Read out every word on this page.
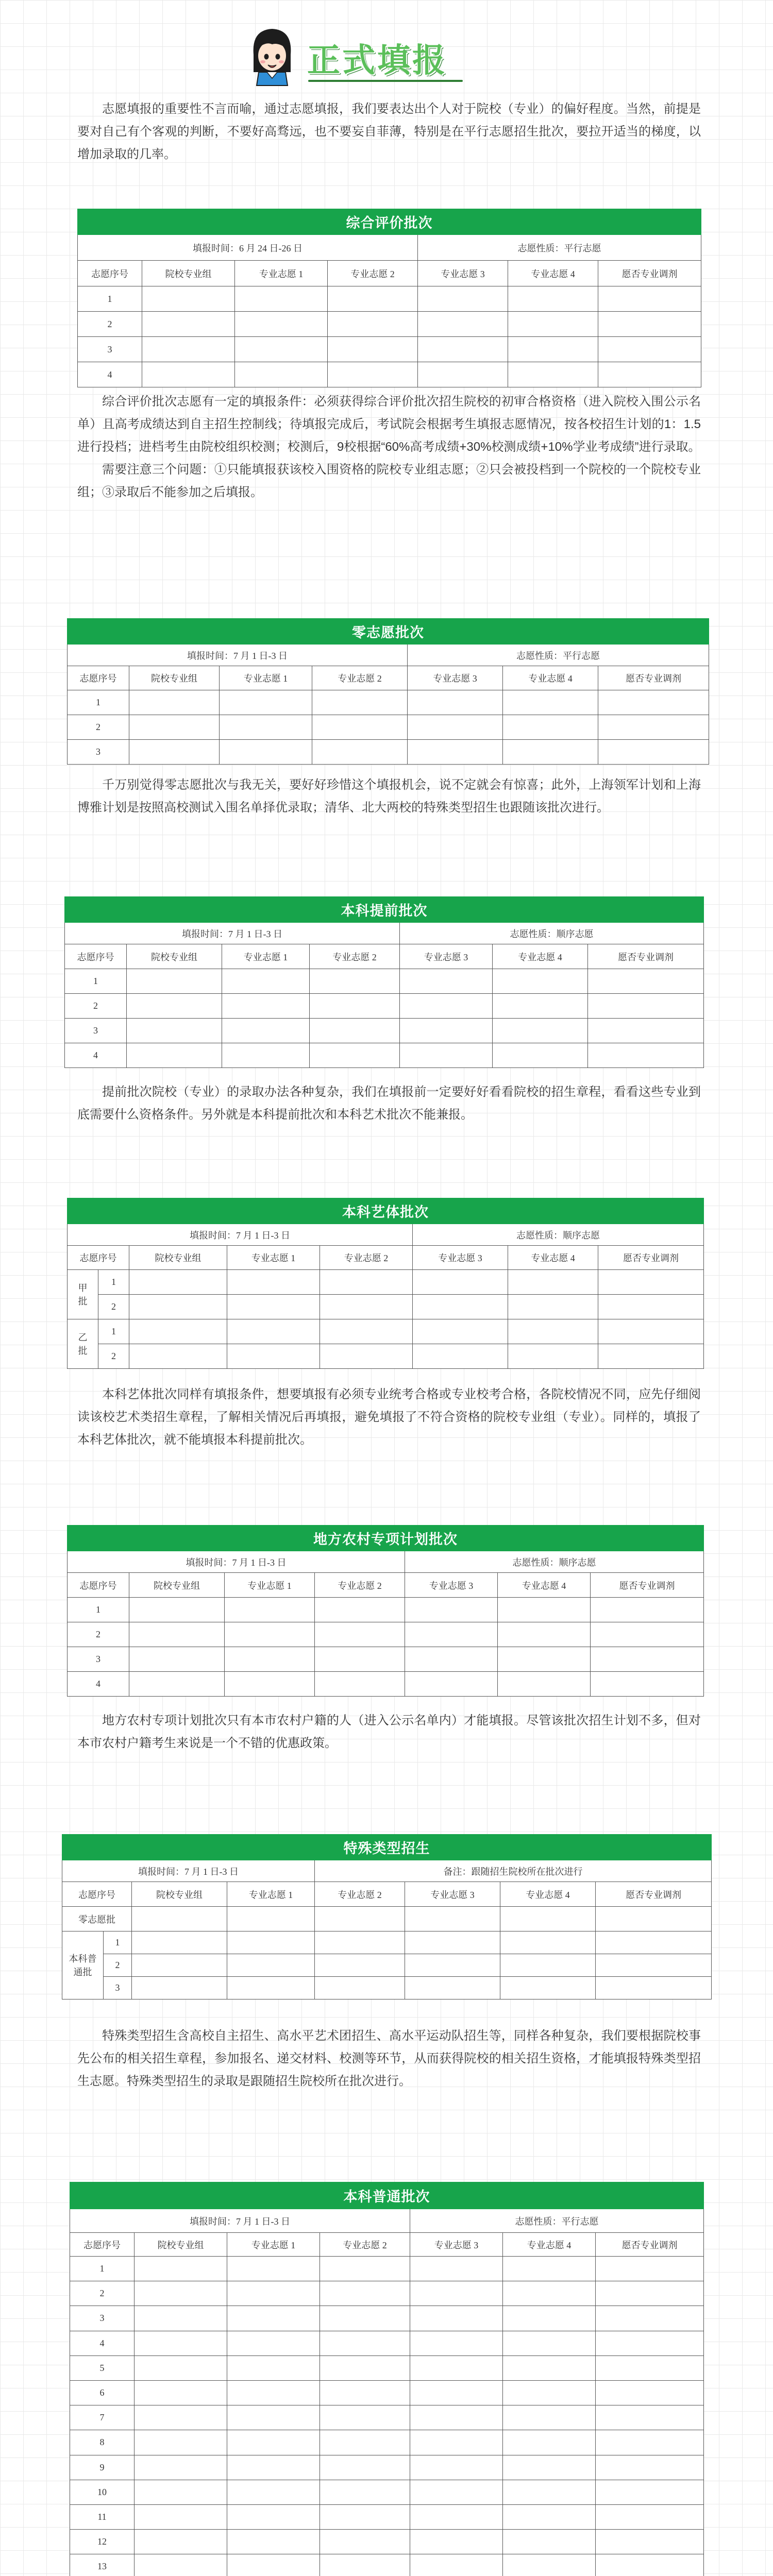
正式填报

志愿填报的重要性不言而喻，通过志愿填报，我们要表达出个人对于院校（专业）的偏好程度。当然，前提是要对自己有个客观的判断，不要好高骛远，也不要妄自菲薄，特别是在平行志愿招生批次，要拉开适当的梯度，以增加录取的几率。

综合评价批次						
填报时间：6 月 24 日-26 日				志愿性质：平行志愿		
志愿序号	院校专业组	专业志愿 1	专业志愿 2	专业志愿 3	专业志愿 4	愿否专业调剂
1						
2						
3						
4						

综合评价批次志愿有一定的填报条件：必须获得综合评价批次招生院校的初审合格资格（进入院校入围公示名单）且高考成绩达到自主招生控制线；待填报完成后，考试院会根据考生填报志愿情况，按各校招生计划的1：1.5进行投档；进档考生由院校组织校测；校测后，9校根据“60%高考成绩+30%校测成绩+10%学业考成绩”进行录取。

需要注意三个问题：①只能填报获该校入围资格的院校专业组志愿；②只会被投档到一个院校的一个院校专业组；③录取后不能参加之后填报。

零志愿批次						
填报时间：7 月 1 日-3 日				志愿性质：平行志愿		
志愿序号	院校专业组	专业志愿 1	专业志愿 2	专业志愿 3	专业志愿 4	愿否专业调剂
1						
2						
3						

千万别觉得零志愿批次与我无关，要好好珍惜这个填报机会，说不定就会有惊喜；此外，上海领军计划和上海博雅计划是按照高校测试入围名单择优录取；清华、北大两校的特殊类型招生也跟随该批次进行。

本科提前批次						
填报时间：7 月 1 日-3 日				志愿性质：顺序志愿		
志愿序号	院校专业组	专业志愿 1	专业志愿 2	专业志愿 3	专业志愿 4	愿否专业调剂
1						
2						
3						
4						

提前批次院校（专业）的录取办法各种复杂，我们在填报前一定要好好看看院校的招生章程，看看这些专业到底需要什么资格条件。另外就是本科提前批次和本科艺术批次不能兼报。

本科艺体批次							
填报时间：7 月 1 日-3 日					志愿性质：顺序志愿		
志愿序号		院校专业组	专业志愿 1	专业志愿 2	专业志愿 3	专业志愿 4	愿否专业调剂
甲批	1						
	2						
乙批	1						
	2						

本科艺体批次同样有填报条件，想要填报有必须专业统考合格或专业校考合格，各院校情况不同，应先仔细阅读该校艺术类招生章程，了解相关情况后再填报，避免填报了不符合资格的院校专业组（专业）。同样的，填报了本科艺体批次，就不能填报本科提前批次。

地方农村专项计划批次						
填报时间：7 月 1 日-3 日				志愿性质：顺序志愿		
志愿序号	院校专业组	专业志愿 1	专业志愿 2	专业志愿 3	专业志愿 4	愿否专业调剂
1						
2						
3						
4						

地方农村专项计划批次只有本市农村户籍的人（进入公示名单内）才能填报。尽管该批次招生计划不多，但对本市农村户籍考生来说是一个不错的优惠政策。

特殊类型招生							
填报时间：7 月 1 日-3 日				备注：跟随招生院校所在批次进行			
志愿序号		院校专业组	专业志愿 1	专业志愿 2	专业志愿 3	专业志愿 4	愿否专业调剂
零志愿批							
本科普通批	1						
	2						
	3						

特殊类型招生含高校自主招生、高水平艺术团招生、高水平运动队招生等，同样各种复杂，我们要根据院校事先公布的相关招生章程，参加报名、递交材料、校测等环节，从而获得院校的相关招生资格，才能填报特殊类型招生志愿。特殊类型招生的录取是跟随招生院校所在批次进行。

本科普通批次						
填报时间：7 月 1 日-3 日				志愿性质：平行志愿		
志愿序号	院校专业组	专业志愿 1	专业志愿 2	专业志愿 3	专业志愿 4	愿否专业调剂
1						
2						
3						
4						
5						
6						
7						
8						
9						
10						
11						
12						
13						
